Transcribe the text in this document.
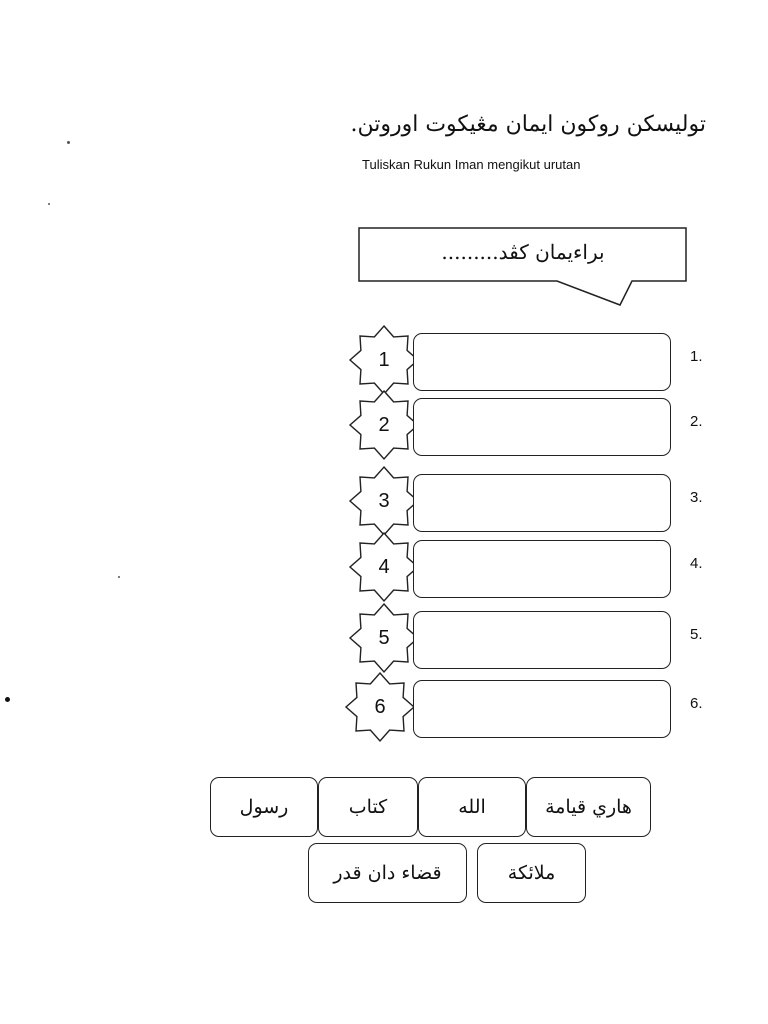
توليسكن روكون ايمان مڠيكوت اوروتن.
Tuliskan Rukun Iman mengikut urutan
براءيمان كڤد.........
1	1.
2	2.
3	3.
4	4.
5	5.
6	6.
رسول	كتاب	الله	هاري قيامة
قضاء دان قدر	ملائكة
